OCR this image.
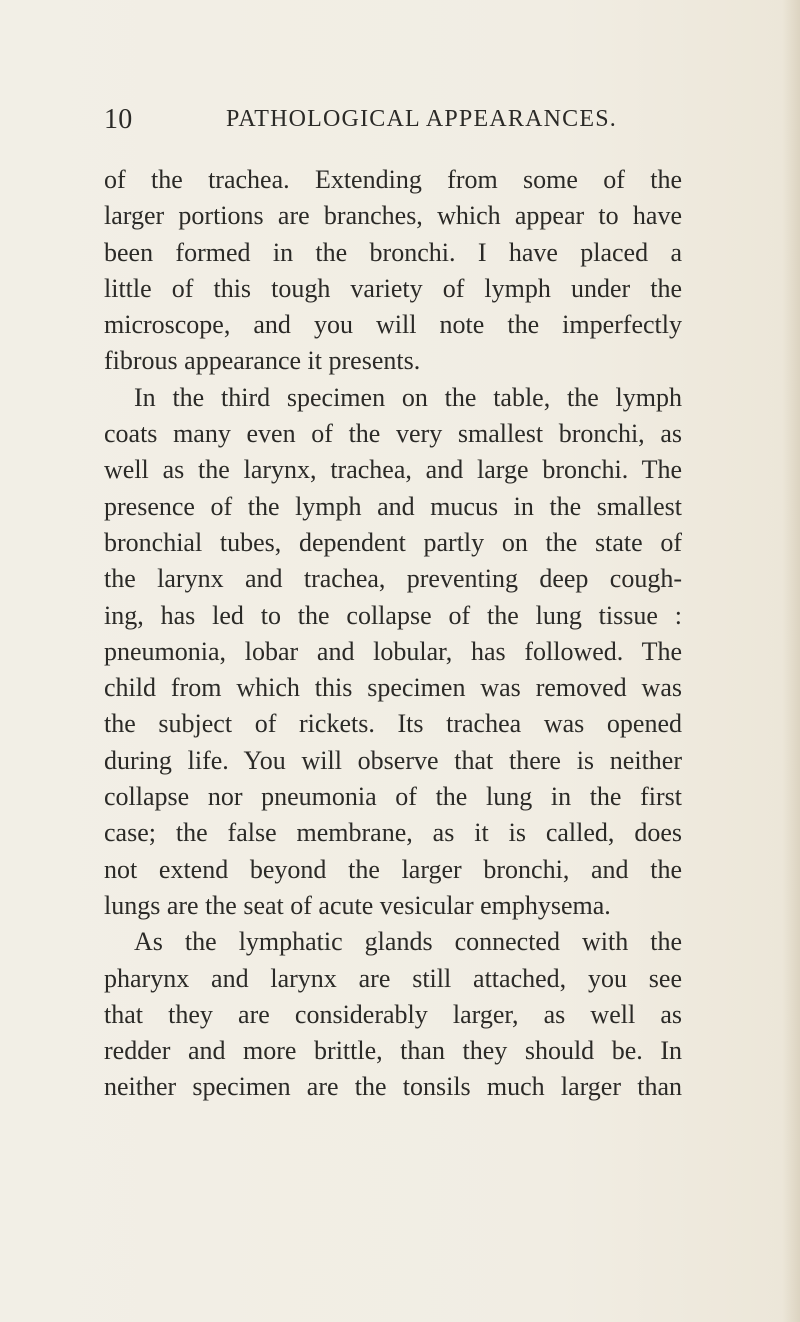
10	PATHOLOGICAL APPEARANCES.
of the trachea. Extending from some of the
larger portions are branches, which appear to have
been formed in the bronchi. I have placed a
little of this tough variety of lymph under the
microscope, and you will note the imperfectly
fibrous appearance it presents.
In the third specimen on the table, the lymph
coats many even of the very smallest bronchi, as
well as the larynx, trachea, and large bronchi. The
presence of the lymph and mucus in the smallest
bronchial tubes, dependent partly on the state of
the larynx and trachea, preventing deep cough-
ing, has led to the collapse of the lung tissue :
pneumonia, lobar and lobular, has followed. The
child from which this specimen was removed was
the subject of rickets. Its trachea was opened
during life. You will observe that there is neither
collapse nor pneumonia of the lung in the first
case; the false membrane, as it is called, does
not extend beyond the larger bronchi, and the
lungs are the seat of acute vesicular emphysema.
As the lymphatic glands connected with the
pharynx and larynx are still attached, you see
that they are considerably larger, as well as
redder and more brittle, than they should be. In
neither specimen are the tonsils much larger than
